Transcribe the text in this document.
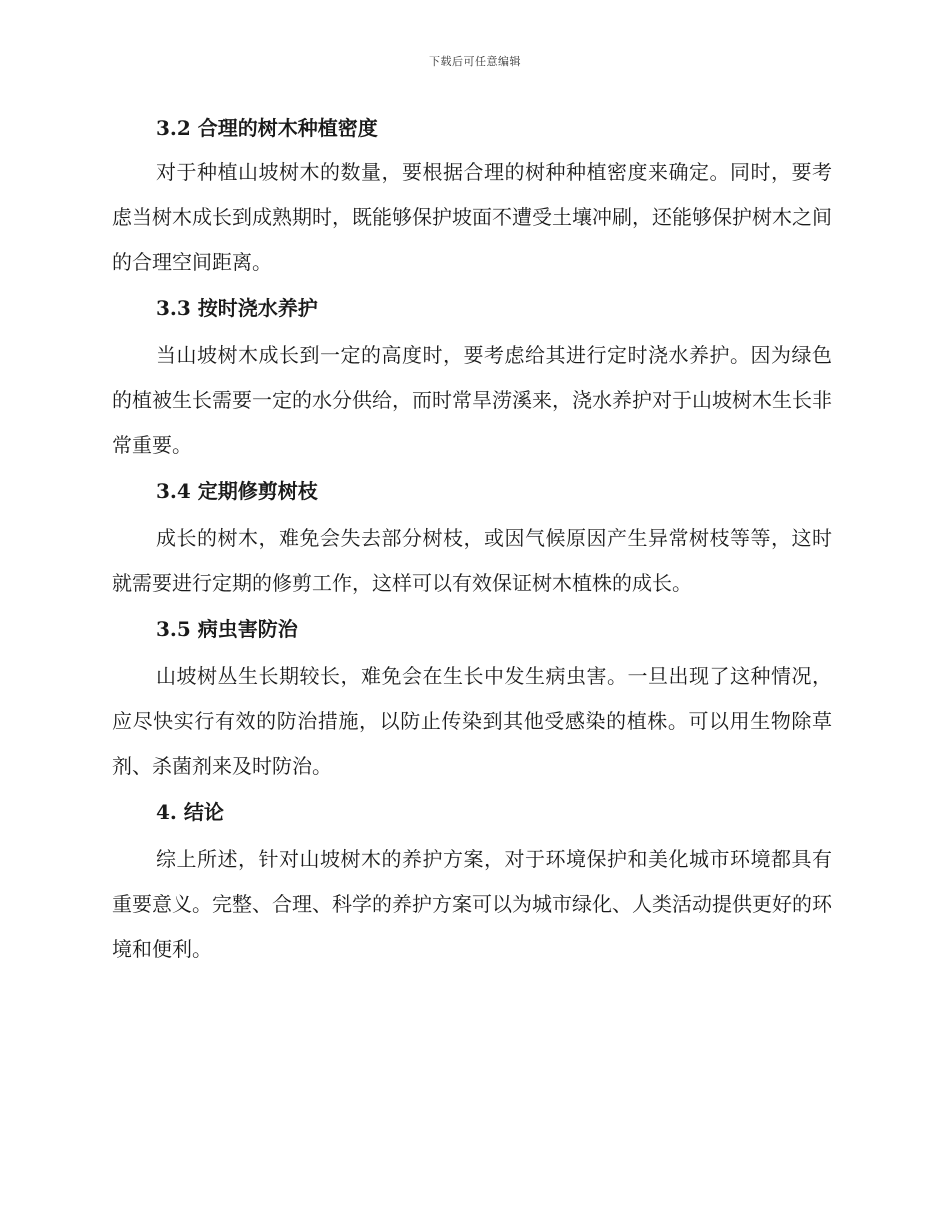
下载后可任意编辑
3.2 合理的树木种植密度

对于种植山坡树木的数量，要根据合理的树种种植密度来确定。同时，要考虑当树木成长到成熟期时，既能够保护坡面不遭受土壤冲刷，还能够保护树木之间的合理空间距离。

3.3 按时浇水养护

当山坡树木成长到一定的高度时，要考虑给其进行定时浇水养护。因为绿色的植被生长需要一定的水分供给，而时常旱涝溪来，浇水养护对于山坡树木生长非常重要。

3.4 定期修剪树枝

成长的树木，难免会失去部分树枝，或因气候原因产生异常树枝等等，这时就需要进行定期的修剪工作，这样可以有效保证树木植株的成长。

3.5 病虫害防治

山坡树丛生长期较长，难免会在生长中发生病虫害。一旦出现了这种情况，应尽快实行有效的防治措施，以防止传染到其他受感染的植株。可以用生物除草剂、杀菌剂来及时防治。

4. 结论

综上所述，针对山坡树木的养护方案，对于环境保护和美化城市环境都具有重要意义。完整、合理、科学的养护方案可以为城市绿化、人类活动提供更好的环境和便利。
